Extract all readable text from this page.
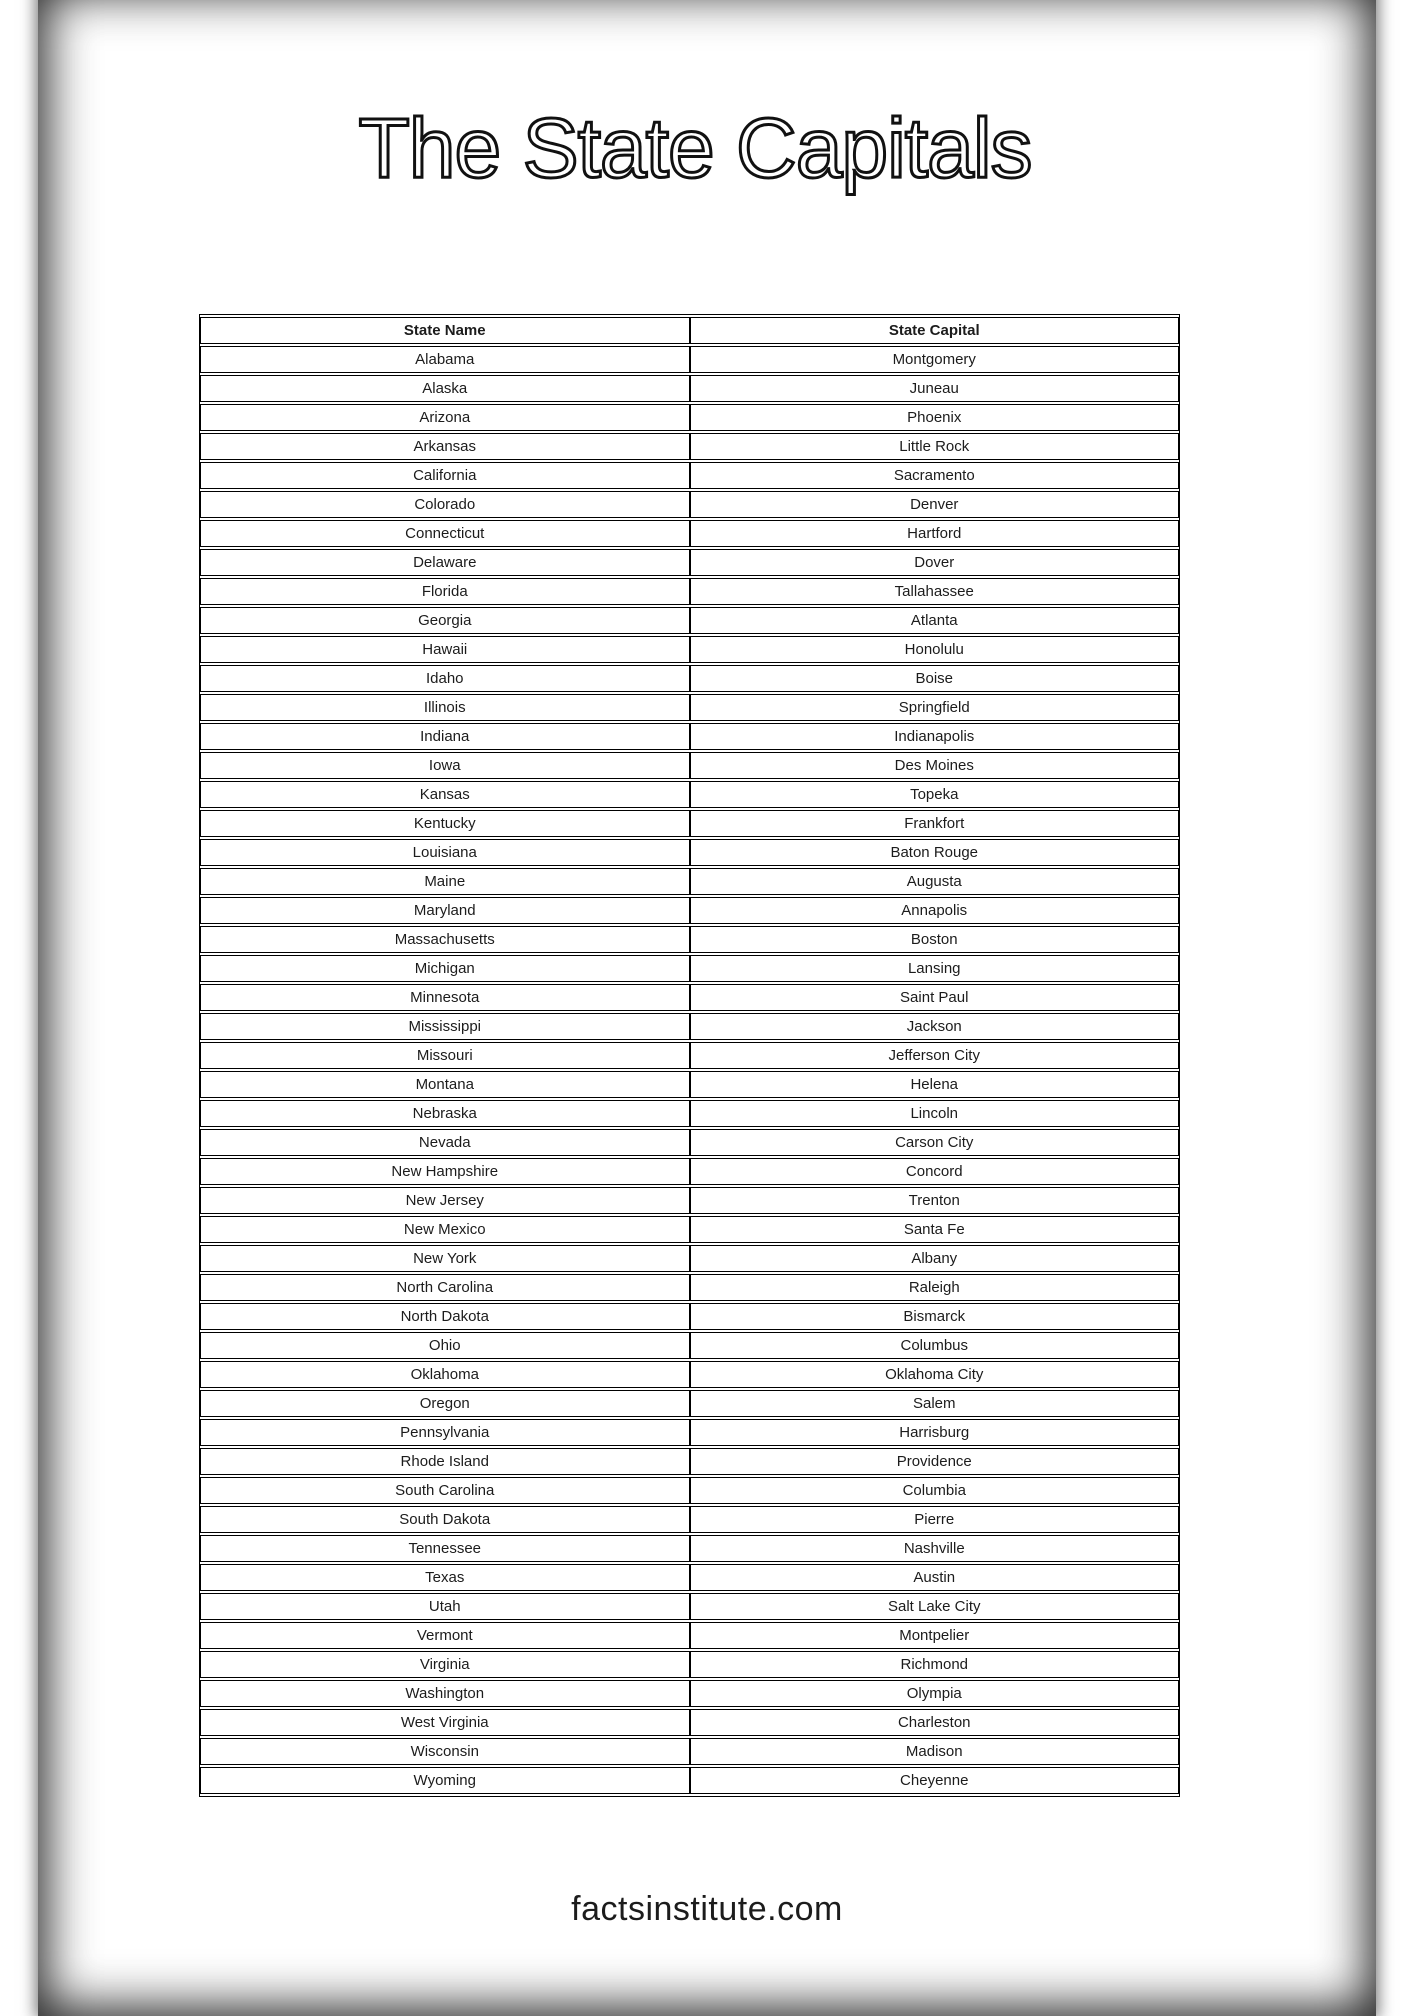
The State Capitals
State Name	State Capital
Alabama	Montgomery
Alaska	Juneau
Arizona	Phoenix
Arkansas	Little Rock
California	Sacramento
Colorado	Denver
Connecticut	Hartford
Delaware	Dover
Florida	Tallahassee
Georgia	Atlanta
Hawaii	Honolulu
Idaho	Boise
Illinois	Springfield
Indiana	Indianapolis
Iowa	Des Moines
Kansas	Topeka
Kentucky	Frankfort
Louisiana	Baton Rouge
Maine	Augusta
Maryland	Annapolis
Massachusetts	Boston
Michigan	Lansing
Minnesota	Saint Paul
Mississippi	Jackson
Missouri	Jefferson City
Montana	Helena
Nebraska	Lincoln
Nevada	Carson City
New Hampshire	Concord
New Jersey	Trenton
New Mexico	Santa Fe
New York	Albany
North Carolina	Raleigh
North Dakota	Bismarck
Ohio	Columbus
Oklahoma	Oklahoma City
Oregon	Salem
Pennsylvania	Harrisburg
Rhode Island	Providence
South Carolina	Columbia
South Dakota	Pierre
Tennessee	Nashville
Texas	Austin
Utah	Salt Lake City
Vermont	Montpelier
Virginia	Richmond
Washington	Olympia
West Virginia	Charleston
Wisconsin	Madison
Wyoming	Cheyenne
factsinstitute.com
